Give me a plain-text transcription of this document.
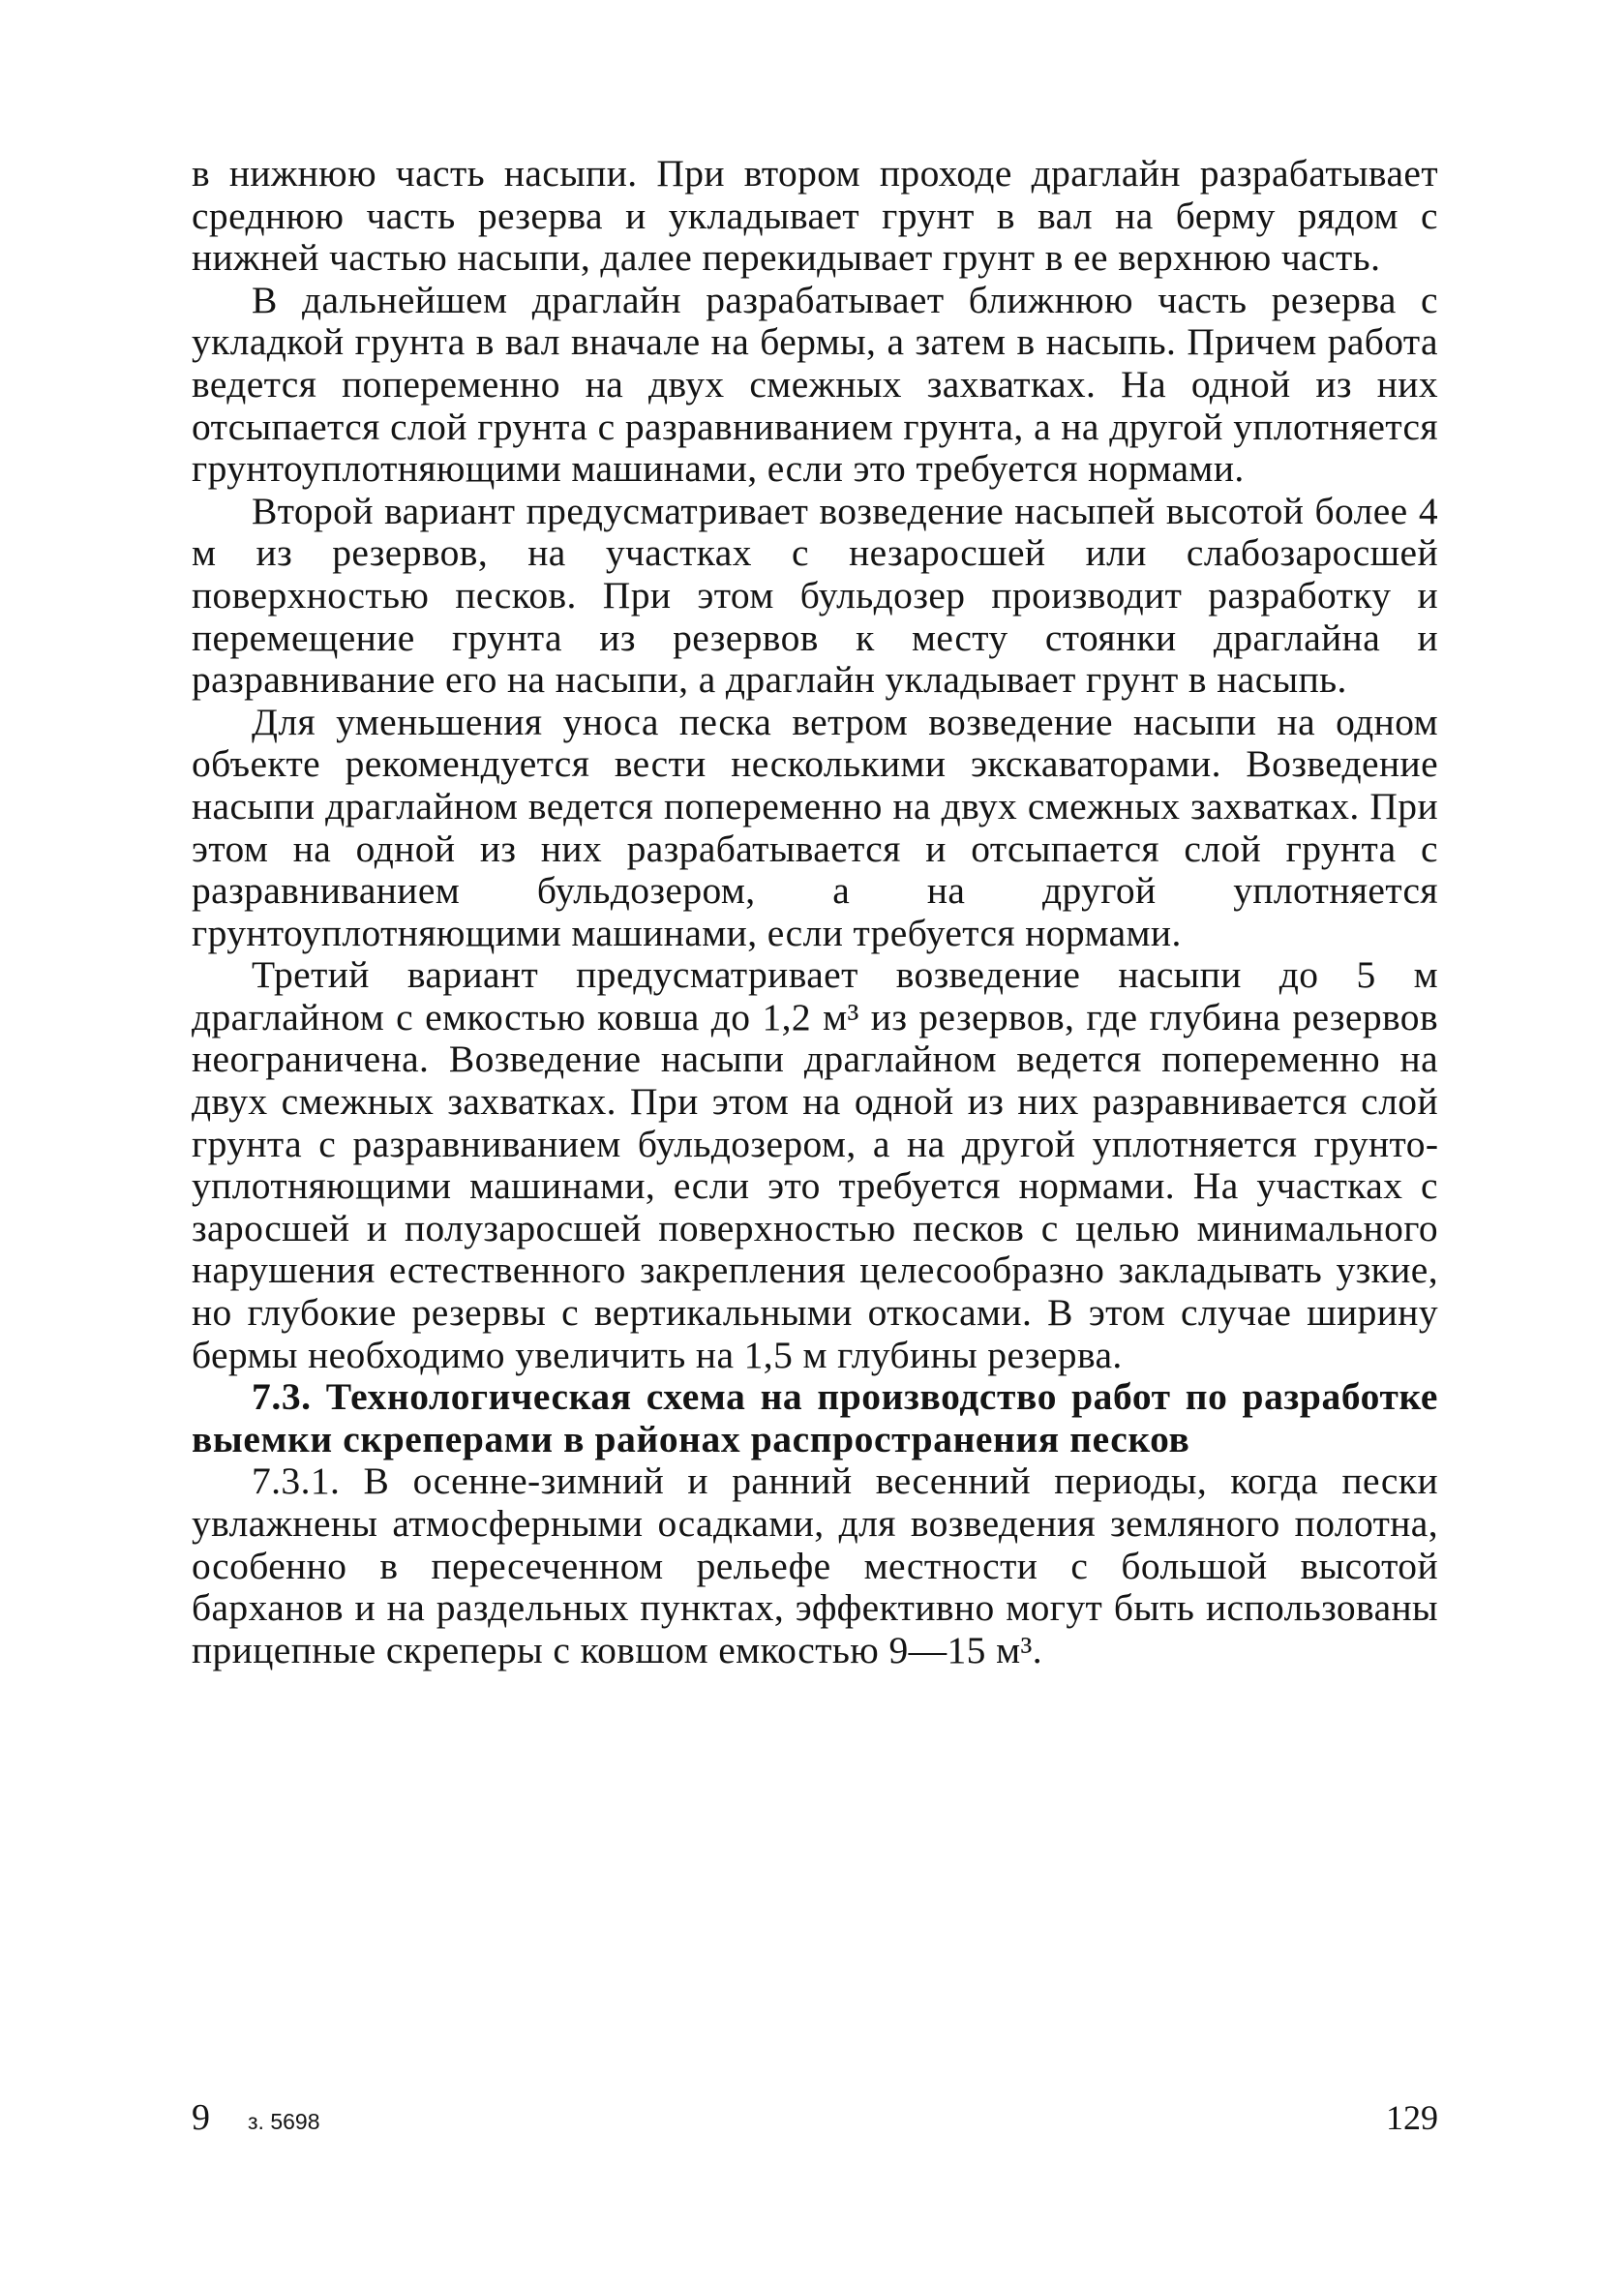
в нижнюю часть насыпи. При втором проходе драглайн разрабатывает среднюю часть резерва и укладывает грунт в вал на берму рядом с нижней частью насыпи, далее перекидывает грунт в ее верхнюю часть.

В дальнейшем драглайн разрабатывает ближнюю часть резерва с укладкой грунта в вал вначале на бермы, а затем в насыпь. Причем работа ведется попеременно на двух смежных захватках. На одной из них отсыпается слой грунта с разравниванием грунта, а на другой уплотняется грунтоуплотняющими машинами, если это требуется нормами.

Второй вариант предусматривает возведение насыпей высотой более 4 м из резервов, на участках с незаросшей или слабозаросшей поверхностью песков. При этом бульдозер производит разработку и перемещение грунта из резервов к месту стоянки драглайна и разравнивание его на насыпи, а драглайн укладывает грунт в насыпь.

Для уменьшения уноса песка ветром возведение насыпи на одном объекте рекомендуется вести несколькими экскаваторами. Возведение насыпи драглайном ведется попеременно на двух смежных захватках. При этом на одной из них разрабатывается и отсыпается слой грунта с разравниванием бульдозером, а на другой уплотняется грунтоуплотняющими машинами, если требуется нормами.

Третий вариант предусматривает возведение насыпи до 5 м драглайном с емкостью ковша до 1,2 м³ из резервов, где глубина резервов неограничена. Возведение насыпи драглайном ведется попеременно на двух смежных захватках. При этом на одной из них разравнивается слой грунта с разравниванием бульдозером, а на другой уплотняется грунтоуплотняющими машинами, если это требуется нормами. На участках с заросшей и полузаросшей поверхностью песков с целью минимального нарушения естественного закрепления целесообразно закладывать узкие, но глубокие резервы с вертикальными откосами. В этом случае ширину бермы необходимо увеличить на 1,5 м глубины резерва.

7.3. Технологическая схема на производство работ по разработке выемки скреперами в районах распространения песков

7.3.1. В осенне-зимний и ранний весенний периоды, когда пески увлажнены атмосферными осадками, для возведения земляного полотна, особенно в пересеченном рельефе местности с большой высотой барханов и на раздельных пунктах, эффективно могут быть использованы прицепные скреперы с ковшом емкостью 9—15 м³.

9 з. 5698	129
